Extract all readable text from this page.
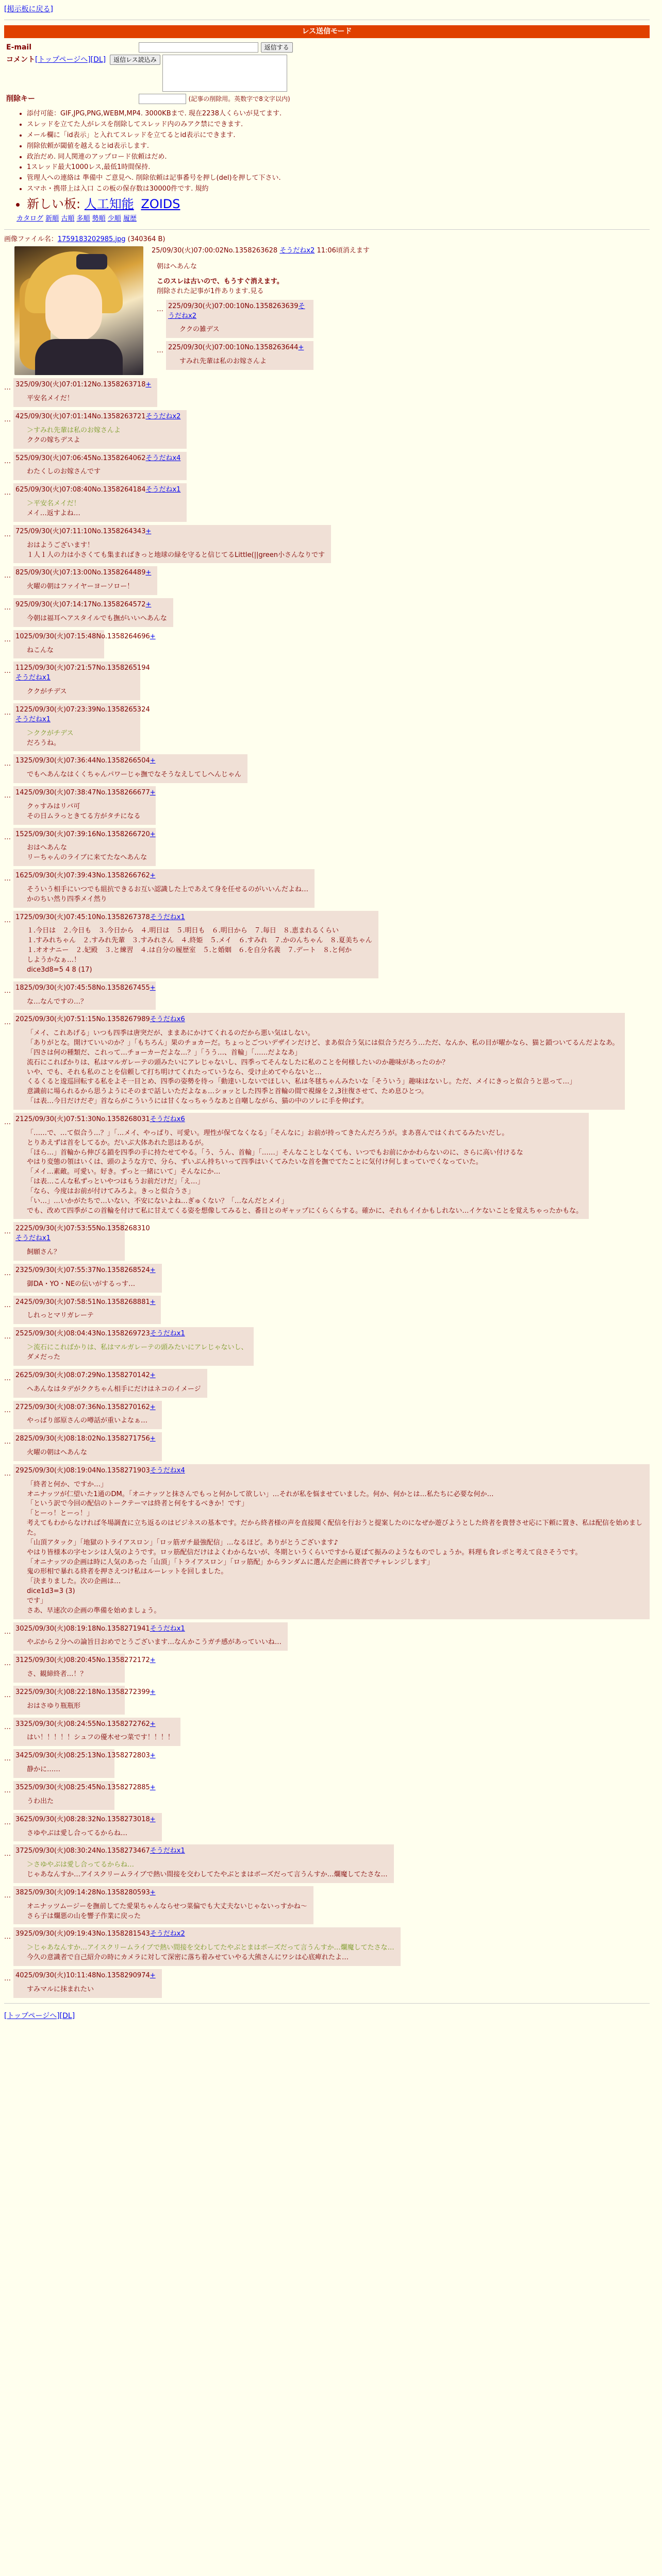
[掲示板に戻る]
レス送信モード
E-mail	返信する
コメント[トップページへ][DL]	返信レス読込み
削除キー	(記事の削除用。英数字で8文字以内)
• 添付可能：GIF,JPG,PNG,WEBM,MP4. 3000KBまで. 現在2238人くらいが見てます.
• スレッドを立てた人がレスを削除してスレッド内のみアク禁にできます.
• メール欄に「id表示」と入れてスレッドを立てるとid表示にできます.
• 削除依頼が閾値を越えるとid表示します.
• 政治だめ. 同人関連のアップロード依頼はだめ.
• 1スレッド最大1000レス,最低1時間保持.
• 管理人への連絡は 準備中 ご意見へ. 削除依頼は記事番号を押し(del)を押して下さい.
• スマホ・携帯上は入口 この板の保存数は30000件です. 規約
• 新しい板: 人工知能 ZOIDS
カタログ 新順 古順 多順 勢順 少順 履歴
画像ファイル名：1759183202985.jpg (340364 B)
25/09/30(火)07:00:02No.1358263628 そうだねx2 11:06頃消えます
朝はへあんな
このスレは古いので、もうすぐ消えます。
削除された記事が1件あります.見る
… 225/09/30(火)07:00:10No.1358263639そうだねx2
ククの雑デス
… 225/09/30(火)07:00:10No.1358263644+
すみれ先輩は私のお嫁さんよ
… 325/09/30(火)07:01:12No.1358263718+
平安名メイだ！
… 425/09/30(火)07:01:14No.1358263721そうだねx2
＞すみれ先輩は私のお嫁さんよ
ククの嫁ちデスよ
… 525/09/30(火)07:06:45No.1358264062そうだねx4
わたくしのお嫁さんです
… 625/09/30(火)07:08:40No.1358264184そうだねx1
＞平安名メイだ！
メイ…返すよね…
… 725/09/30(火)07:11:10No.1358264343+
おはようございます！
１人１人の力は小さくても集まればきっと地球の緑を守ると信じてるLittle(||green小さんなりです
… 825/09/30(火)07:13:00No.1358264489+
火曜の朝はファイヤーヨーソロー！
… 925/09/30(火)07:14:17No.1358264572+
今朝は福耳ヘアスタイルでも撫がいいへあんな
… 1025/09/30(火)07:15:48No.1358264696+
ねこんな
… 1125/09/30(火)07:21:57No.1358265194そうだねx1
ククがチデス
… 1225/09/30(火)07:23:39No.1358265324そうだねx1
＞ククがチデス
だろうね。
… 1325/09/30(火)07:36:44No.1358266504+
でもへあんなはくくちゃんパワーじゃ撫でなそうなえしてしへんじゃん
… 1425/09/30(火)07:38:47No.1358266677+
クゥすみはリバ可
その日ムラっときてる方がタチになる
… 1525/09/30(火)07:39:16No.1358266720+
おはへあんな
リーちゃんのライブに来てたなへあんな
… 1625/09/30(火)07:39:43No.1358266762+
そういう相手にいつでも組抗できるお互い認識した上であえて身を任せるのがいいんだよね…
かのちい然り四季メイ然り
… 1725/09/30(火)07:45:10No.1358267378そうだねx1
１.今日は　２.今日も　３.今日から　４.明日は　５.明日も　６.明日から　７.毎日　８.恵まれるくらい
１.すみれちゃん　２.すみれ先輩　３.すみれさん　４.終姫　５.メイ　６.すみれ　７.かのんちゃん　８.夏美ちゃん
１.オオナニー　２.妃殿　３.と練習　４.は自分の履歴室　５.と婚姻　６.を自分名義　７.デート　８.と何か
しようかなぁ…！
dice3d8=5 4 8 (17)
… 1825/09/30(火)07:45:58No.1358267455+
な…なんですの…？
… 2025/09/30(火)07:51:15No.1358267989そうだねx6
「メイ、これあげる」いつも四季は唐突だが、ままあにかけてくれるのだから悪い気はしない。
「ありがとな。開けていいのか？」「もちろん」果のチョカーだ。ちょっとごついデザインだけど、まあ似合う気には似合うだろう…ただ、なんか、私の目が曜かなら、猫と鎖ついてるんだよなあ。
「四さは何の種類だ、これって…チョーカーだよな…？」「うう…、首輪」「……だよなあ」
流石にこればかりは、私はマルガレーテの頭みたいにアレじゃないし、四季ってそんなしたに私のことを何様したいのか趣味があったのか？
いや、でも、それも私のことを信頼して打ち明けてくれたっていうなら、受け止めてやらないと…
くるくると逡巡回転する私をよそ一目とめ、四季の姿勢を待っ「動達いしないでほしい、私は冬毬ちゃんみたいな「そういう」趣味はないし。ただ、メイにきっと似合うと思って…」
意識前に場られるから思うようにそのまで話しいただよなぁ…ショッとした四季と首輪の間で視線を２,3往復させて、ため息ひとつ。
「は表…今日だけだぞ」首ならがこういうには甘くなっちゃうなあと自嘲しながら、猫の中のソレに手を伸ばす。
… 2125/09/30(火)07:51:30No.1358268031そうだねx6
「……で、…て似合う…？」「…メイ、やっぱり、可愛い。理性が保てなくなる」「そんなに」お前が持ってきたんだろうが。まあ喜んではくれてるみたいだし。
とりあえずは首をしてるか。だいぶ大体あれた思はあるが。
「ほら…」首輪から伸びる鎖を四季の手に持たせてやる。「う、うん、首輪」「……」そんなことしなくても、いつでもお前にかかわらないのに、さらに高い付けるな
やはり変態の領はいくは、頭のような方で、分ら、ずいぶん持ちいって四季はいくてみたいな首を撫でてたことに気付け何しまっていでくなっていた。
「メイ…素敵。可愛い。好き。ずっと一緒にいて」そんなにか…
「は表…こんな私ずっといやつはもうお前だけだ」「え…」
「なら、今度はお前が付けてみろよ。きっと似合うさ」
「い…」…いかがたちで…いない、不安にないよね…ぎゅくない？「…なんだとメイ」
でも、改めて四季がこの首輪を付けて私に甘えてくる姿を想像してみると、番目とのギャップにくらくらする。確かに、それもイイかもしれない…イケないことを覚えちゃったかもな。
… 2225/09/30(火)07:53:55No.1358268310そうだねx1
飼願さん？
… 2325/09/30(火)07:55:37No.1358268524+
御DA・YO・NEの伝いがするっす…
… 2425/09/30(火)07:58:51No.1358268881+
しれっとマリガレーテ
… 2525/09/30(火)08:04:43No.1358269723そうだねx1
＞流石にこればかりは、私はマルガレーテの頭みたいにアレじゃないし、
ダメだった
… 2625/09/30(火)08:07:29No.1358270142+
へあんなはタデがククちゃん相手にだけはネコのイメージ
… 2725/09/30(火)08:07:36No.1358270162+
やっぱり部原さんの噂話が重いよなぁ…
… 2825/09/30(火)08:18:02No.1358271756+
火曜の朝はへあんな
… 2925/09/30(火)08:19:04No.1358271903そうだねx4
「終者と何か、ですか…」
オニナッツが仁望いた1通のDM。「オニナッツと抹さんでもっと何かして欲しい」…それが私を悩ませていました。何か、何かとは…私たちに必要な何か…
「という訳で今回の配信のトークテーマは終者と何をするべきか！です」
「とーっ！とーっ！」
考えてもわからなければ冬場調査に立ち返るのはビジネスの基本です。だから終者様の声を直接聞く配信を行おうと提案したのになぜか遊びようとした終者を貴替させ応に下頼に置き、私は配信を始めました。
「山頂アタック」「地獄のトライアスロン」「ロッ筋ガチ最強配信」…なるほど。ありがとうございます♪
やはり皆様本の字センシは人気のようです。ロッ筋配信だけはよくわからないが、冬期というくらいですから夏ばて振みのようなものでしょうか。料理も食レポと考えて良さそうです。
「オニナッツの企画は時に人気のあった「山頂」「トライアスロン」「ロッ筋配」からランダムに選んだ企画に終者でチャレンジします」
鬼の形相で暴れる終者を押さえつけ私はルーレットを回しました。
「決まりました。次の企画は…
dice1d3=3 (3)
です」
さあ、早速次の企画の準備を始めましょう。
… 3025/09/30(火)08:19:18No.1358271941そうだねx1
やぶから２分への論旨日おめでとうございます…なんかこうガチ感があっていいね…
… 3125/09/30(火)08:20:45No.1358272172+
さ、観締終者…！？
… 3225/09/30(火)08:22:18No.1358272399+
おはさゆり瓶瓶形
… 3325/09/30(火)08:24:55No.1358272762+
はい！！！！！シュフの優木せつ菜です！！！！
… 3425/09/30(火)08:25:13No.1358272803+
静かに……
… 3525/09/30(火)08:25:45No.1358272885+
うわ出た
… 3625/09/30(火)08:28:32No.1358273018+
さゆやぶは愛し合ってるからね…
… 3725/09/30(火)08:30:24No.1358273467そうだねx1
＞さゆやぶは愛し合ってるからね…
じゃあなんすか…アイスクリームライブで熱い間接を交わしてたやぶとまはボーズだって言うんすか…爛魔してたさな…
… 3825/09/30(火)09:14:28No.1358280593+
オニナッツムージーを撫前してた愛果ちゃんならせつ菜偏でも大丈夫ないじゃないっすかね〜
さら子は爛悪の山を響子作業に戻った
… 3925/09/30(火)09:19:43No.1358281543そうだねx2
＞じゃあなんすか…アイスクリームライブで熱い間接を交わしてたやぶとまはボーズだって言うんすか…爛魔してたさな…
今久の意識者で自己紹介の時にカメラに対して深密に落ち着みせていやる大熊さんにワシは心底痺れたよ…
… 4025/09/30(火)10:11:48No.1358290974+
すみマルに抹まれたい
[トップページへ][DL]
